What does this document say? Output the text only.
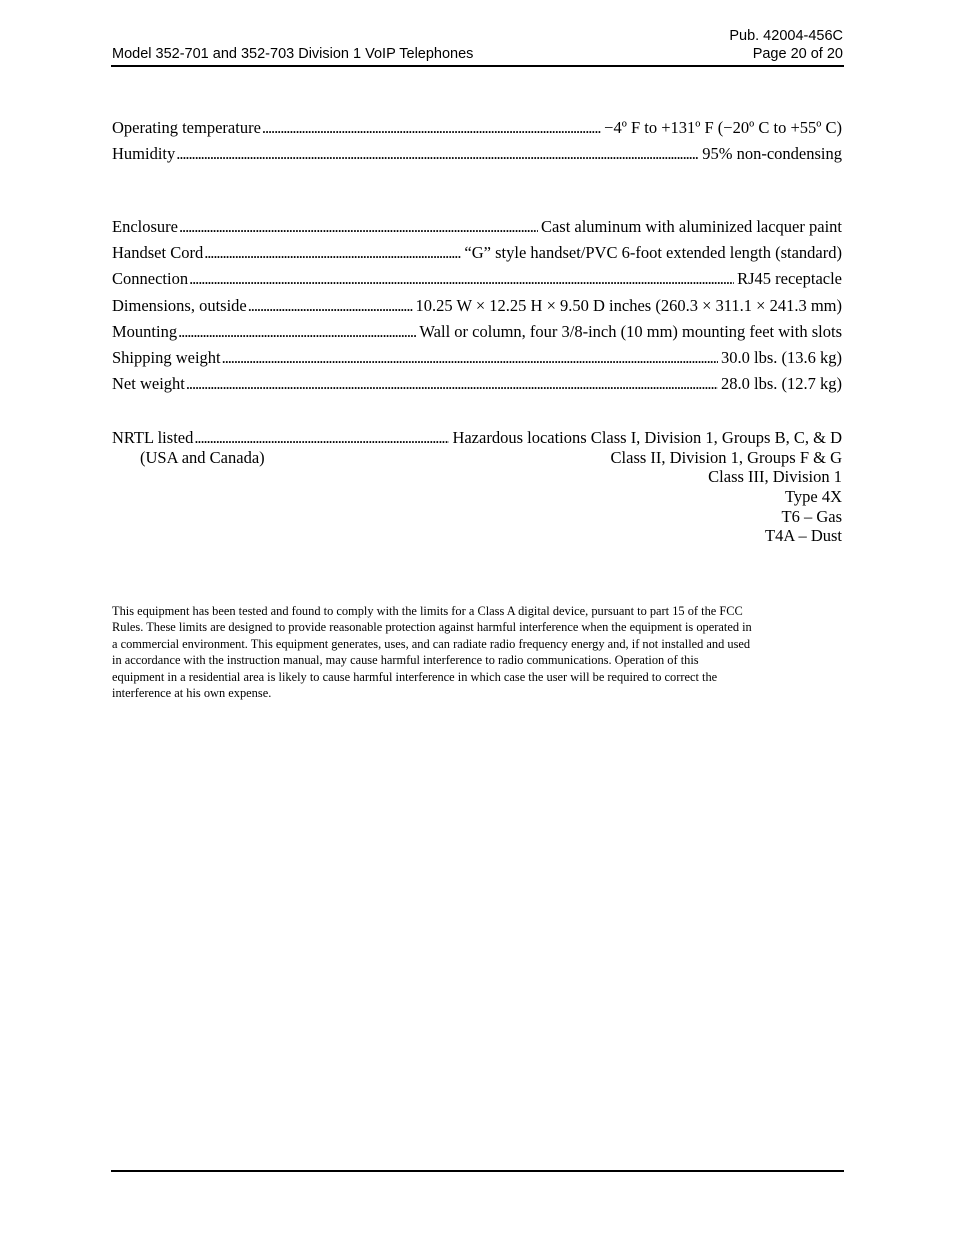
Pub. 42004-456C
Model 352-701 and 352-703 Division 1 VoIP Telephones	Page 20 of 20
Operating temperature . . .	−4º F to +131º F (−20º C to +55º C)
Humidity . . .	95% non-condensing
Enclosure . . .	Cast aluminum with aluminized lacquer paint
Handset Cord . . .	“G” style handset/PVC 6-foot extended length (standard)
Connection . . .	RJ45 receptacle
Dimensions, outside . . .	10.25 W × 12.25 H × 9.50 D inches (260.3 × 311.1 × 241.3 mm)
Mounting . . .	Wall or column, four 3/8-inch (10 mm) mounting feet with slots
Shipping weight . . .	30.0 lbs. (13.6 kg)
Net weight . . .	28.0 lbs. (12.7 kg)
NRTL listed . . .	Hazardous locations Class I, Division 1, Groups B, C, & D
(USA and Canada)	Class II, Division 1, Groups F & G
Class III, Division 1
Type 4X
T6 – Gas
T4A – Dust
This equipment has been tested and found to comply with the limits for a Class A digital device, pursuant to part 15 of the FCC
Rules. These limits are designed to provide reasonable protection against harmful interference when the equipment is operated in
a commercial environment. This equipment generates, uses, and can radiate radio frequency energy and, if not installed and used
in accordance with the instruction manual, may cause harmful interference to radio communications. Operation of this
equipment in a residential area is likely to cause harmful interference in which case the user will be required to correct the
interference at his own expense.
